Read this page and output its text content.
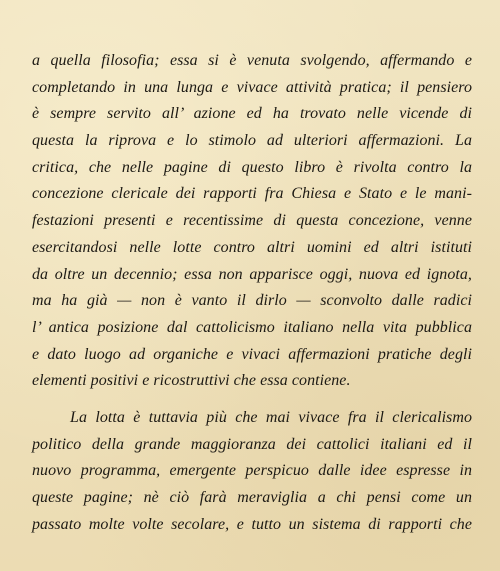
a quella filosofia; essa si è venuta svolgendo, affermando e
completando in una lunga e vivace attività pratica; il pensiero
è sempre servito all’ azione ed ha trovato nelle vicende di
questa la riprova e lo stimolo ad ulteriori affermazioni. La
critica, che nelle pagine di questo libro è rivolta contro la
concezione clericale dei rapporti fra Chiesa e Stato e le mani-
festazioni presenti e recentissime di questa concezione, venne
esercitandosi nelle lotte contro altri uomini ed altri istituti
da oltre un decennio; essa non apparisce oggi, nuova ed ignota,
ma ha già — non è vanto il dirlo — sconvolto dalle radici
l’ antica posizione dal cattolicismo italiano nella vita pubblica
e dato luogo ad organiche e vivaci affermazioni pratiche degli
elementi positivi e ricostruttivi che essa contiene.
La lotta è tuttavia più che mai vivace fra il clericalismo
politico della grande maggioranza dei cattolici italiani ed il
nuovo programma, emergente perspicuo dalle idee espresse in
queste pagine; nè ciò farà meraviglia a chi pensi come un
passato molte volte secolare, e tutto un sistema di rapporti che
